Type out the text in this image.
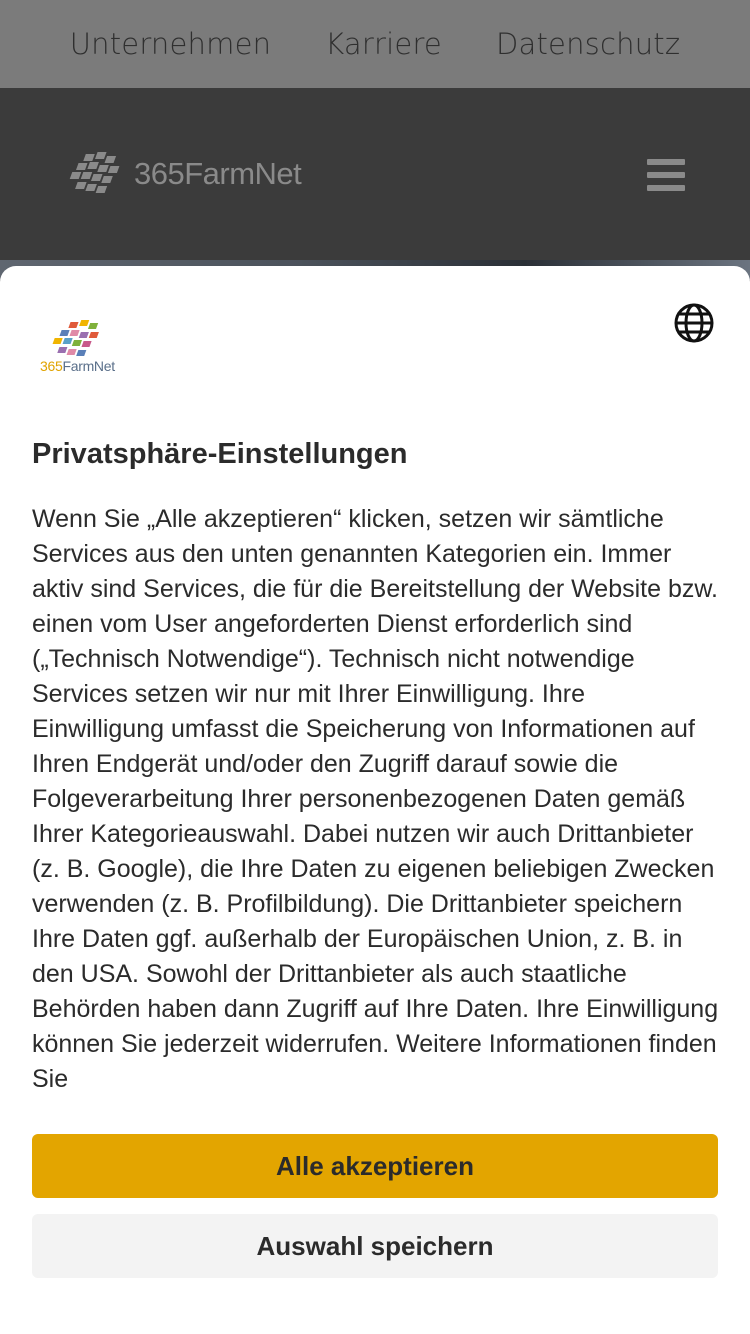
Unternehmen Karriere Datenschutz
365FarmNet
365FarmNet
Privatsphäre-Einstellungen
Wenn Sie „Alle akzeptieren“ klicken, setzen wir sämtliche Services aus den unten genannten Kategorien ein. Immer aktiv sind Services, die für die Bereitstellung der Website bzw. einen vom User angeforderten Dienst erforderlich sind („Technisch Notwendige“). Technisch nicht notwendige Services setzen wir nur mit Ihrer Einwilligung. Ihre Einwilligung umfasst die Speicherung von Informationen auf Ihren Endgerät und/oder den Zugriff darauf sowie die Folgeverarbeitung Ihrer personenbezogenen Daten gemäß Ihrer Kategorieauswahl. Dabei nutzen wir auch Drittanbieter (z. B. Google), die Ihre Daten zu eigenen beliebigen Zwecken verwenden (z. B. Profilbildung). Die Drittanbieter speichern Ihre Daten ggf. außerhalb der Europäischen Union, z. B. in den USA. Sowohl der Drittanbieter als auch staatliche Behörden haben dann Zugriff auf Ihre Daten. Ihre Einwilligung können Sie jederzeit widerrufen. Weitere Informationen finden Sie
Alle akzeptieren
Auswahl speichern
